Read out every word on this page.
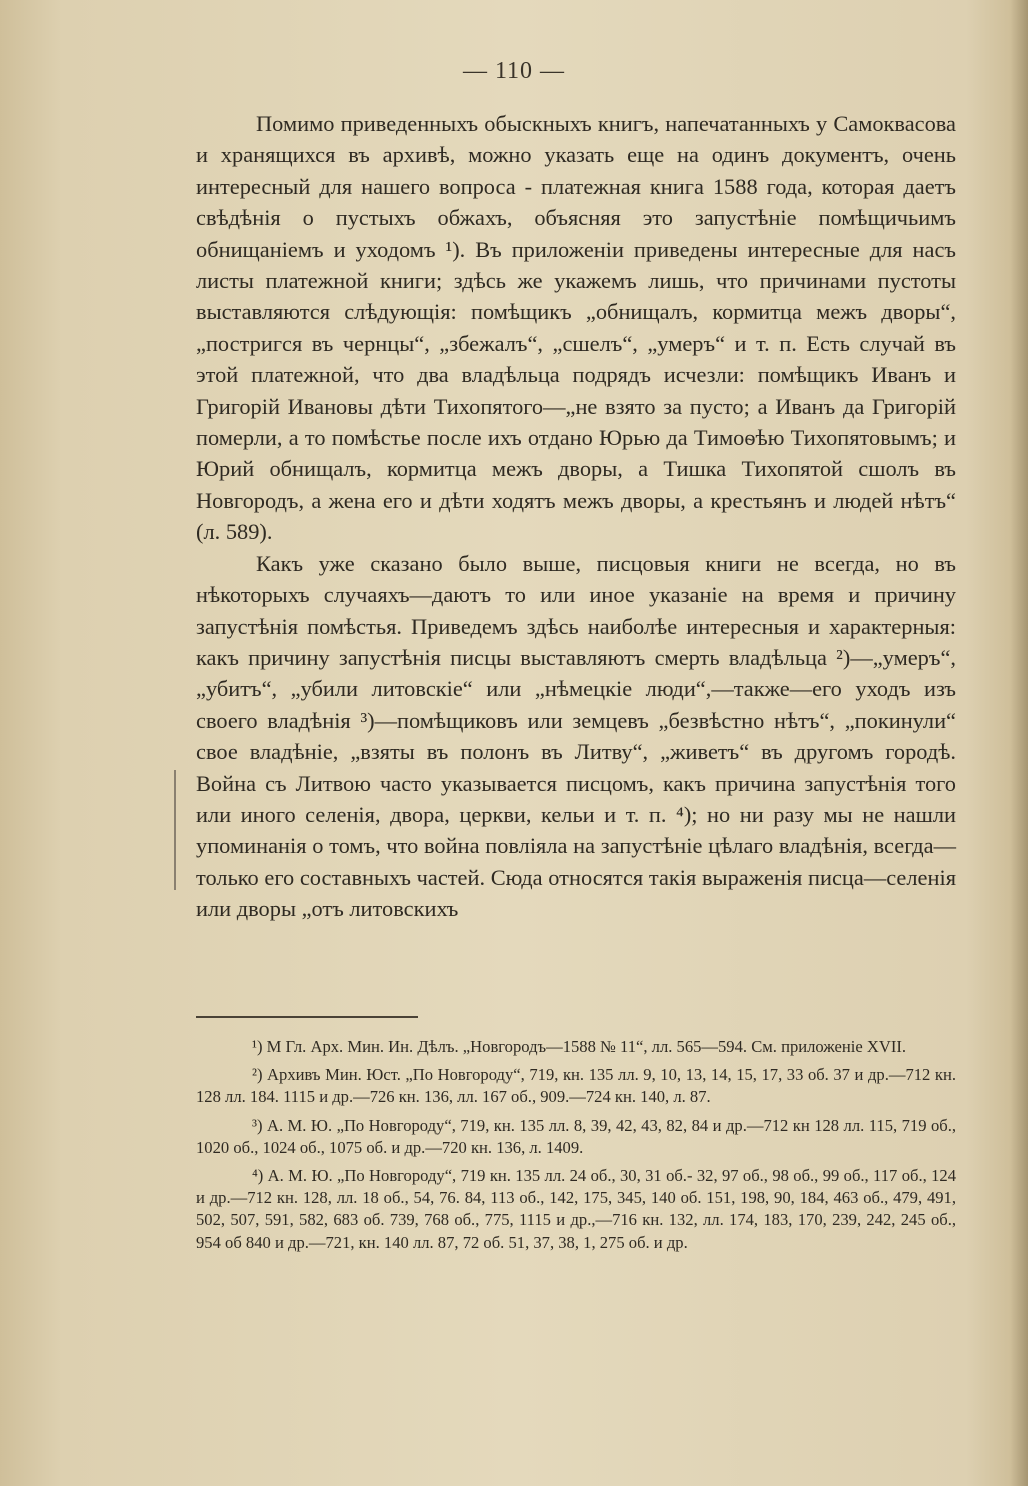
— 110 —

Помимо приведенныхъ обыскныхъ книгъ, напечатанныхъ у Самоквасова и хранящихся въ архивѣ, можно указать еще на одинъ документъ, очень интересный для нашего вопроса - платежная книга 1588 года, которая даетъ свѣдѣнія о пустыхъ обжахъ, объясняя это запустѣніе помѣщичьимъ обнищаніемъ и уходомъ ¹). Въ приложеніи приведены интересные для насъ листы платежной книги; здѣсь же укажемъ лишь, что причинами пустоты выставляются слѣдующія: помѣщикъ „обнищалъ, кормитца межъ дворы“, „постригся въ чернцы“, „збежалъ“, „сшелъ“, „умеръ“ и т. п. Есть случай въ этой платежной, что два владѣльца подрядъ исчезли: помѣщикъ Иванъ и Григорій Ивановы дѣти Тихопятого—„не взято за пусто; а Иванъ да Григорій померли, а то помѣстье после ихъ отдано Юрью да Тимоѳѣю Тихопятовымъ; и Юрий обнищалъ, кормитца межъ дворы, а Тишка Тихопятой сшолъ въ Новгородъ, а жена его и дѣти ходятъ межъ дворы, а крестьянъ и людей нѣтъ“ (л. 589).

Какъ уже сказано было выше, писцовыя книги не всегда, но въ нѣкоторыхъ случаяхъ—даютъ то или иное указаніе на время и причину запустѣнія помѣстья. Приведемъ здѣсь наиболѣе интересныя и характерныя: какъ причину запустѣнія писцы выставляютъ смерть владѣльца ²)—„умеръ“, „убитъ“, „убили литовскіе“ или „нѣмецкіе люди“,—также—его уходъ изъ своего владѣнія ³)—помѣщиковъ или земцевъ „безвѣстно нѣтъ“, „покинули“ свое владѣніе, „взяты въ полонъ въ Литву“, „живетъ“ въ другомъ городѣ. Война съ Литвою часто указывается писцомъ, какъ причина запустѣнія того или иного селенія, двора, церкви, кельи и т. п. ⁴); но ни разу мы не нашли упоминанія о томъ, что война повліяла на запустѣніе цѣлаго владѣнія, всегда—только его составныхъ частей. Сюда относятся такія выраженія писца—селенія или дворы „отъ литовскихъ

¹) М Гл. Арх. Мин. Ин. Дѣлъ. „Новгородъ—1588 № 11“, лл. 565—594. См. приложеніе XVII.

²) Архивъ Мин. Юст. „По Новгороду“, 719, кн. 135 лл. 9, 10, 13, 14, 15, 17, 33 об. 37 и др.—712 кн. 128 лл. 184. 1115 и др.—726 кн. 136, лл. 167 об., 909.—724 кн. 140, л. 87.

³) А. М. Ю. „По Новгороду“, 719, кн. 135 лл. 8, 39, 42, 43, 82, 84 и др.—712 кн 128 лл. 115, 719 об., 1020 об., 1024 об., 1075 об. и др.—720 кн. 136, л. 1409.

⁴) А. М. Ю. „По Новгороду“, 719 кн. 135 лл. 24 об., 30, 31 об.- 32, 97 об., 98 об., 99 об., 117 об., 124 и др.—712 кн. 128, лл. 18 об., 54, 76. 84, 113 об., 142, 175, 345, 140 об. 151, 198, 90, 184, 463 об., 479, 491, 502, 507, 591, 582, 683 об. 739, 768 об., 775, 1115 и др.,—716 кн. 132, лл. 174, 183, 170, 239, 242, 245 об., 954 об 840 и др.—721, кн. 140 лл. 87, 72 об. 51, 37, 38, 1, 275 об. и др.
